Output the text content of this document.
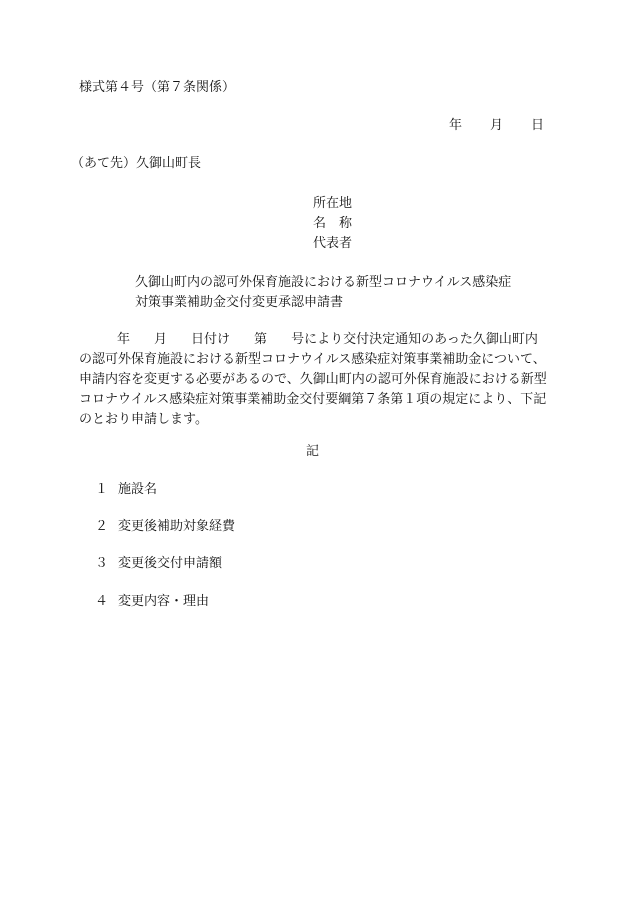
様式第４号（第７条関係）
年 月 日
（あて先）久御山町長
所在地
名　称
代表者
久御山町内の認可外保育施設における新型コロナウイルス感染症
対策事業補助金交付変更承認申請書
年 月 日付け 第 号により交付決定通知のあった久御山町内の認可外保育施設における新型コロナウイルス感染症対策事業補助金について、申請内容を変更する必要があるので、久御山町内の認可外保育施設における新型コロナウイルス感染症対策事業補助金交付要綱第７条第１項の規定により、下記のとおり申請します。
記
１ 施設名
２ 変更後補助対象経費
３ 変更後交付申請額
４ 変更内容・理由
